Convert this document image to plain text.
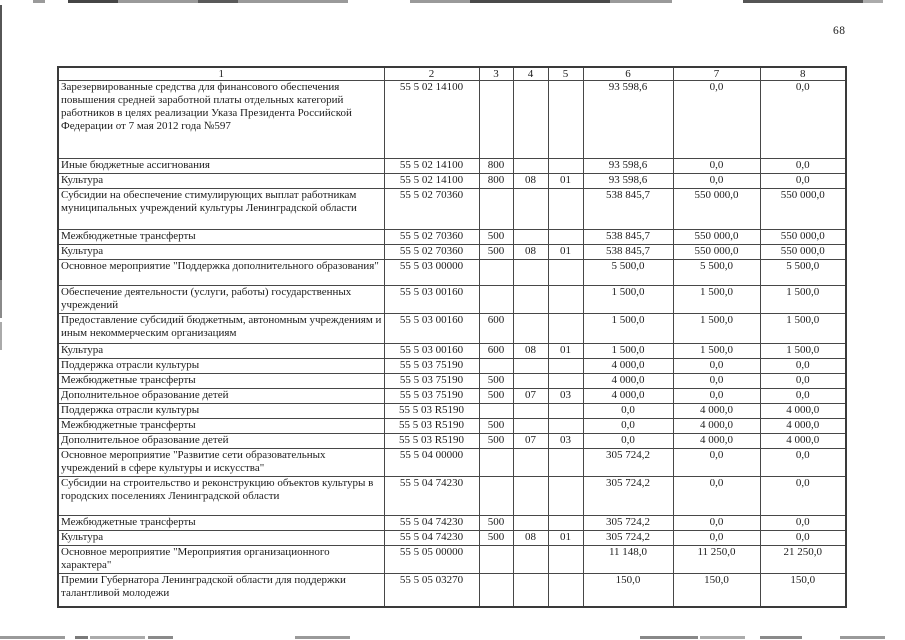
68
1	2	3	4	5	6	7	8
Зарезервированные средства для финансового обеспечения повышения средней заработной платы отдельных категорий работников в целях реализации Указа Президента Российской Федерации от 7 мая 2012 года №597	55 5 02 14100				93 598,6	0,0	0,0
Иные бюджетные ассигнования	55 5 02 14100	800			93 598,6	0,0	0,0
Культура	55 5 02 14100	800	08	01	93 598,6	0,0	0,0
Субсидии на обеспечение стимулирующих выплат работникам муниципальных учреждений культуры Ленинградской области	55 5 02 70360				538 845,7	550 000,0	550 000,0
Межбюджетные трансферты	55 5 02 70360	500			538 845,7	550 000,0	550 000,0
Культура	55 5 02 70360	500	08	01	538 845,7	550 000,0	550 000,0
Основное мероприятие "Поддержка дополнительного образования"	55 5 03 00000				5 500,0	5 500,0	5 500,0
Обеспечение деятельности (услуги, работы) государственных учреждений	55 5 03 00160				1 500,0	1 500,0	1 500,0
Предоставление субсидий бюджетным, автономным учреждениям и иным некоммерческим организациям	55 5 03 00160	600			1 500,0	1 500,0	1 500,0
Культура	55 5 03 00160	600	08	01	1 500,0	1 500,0	1 500,0
Поддержка отрасли культуры	55 5 03 75190				4 000,0	0,0	0,0
Межбюджетные трансферты	55 5 03 75190	500			4 000,0	0,0	0,0
Дополнительное образование детей	55 5 03 75190	500	07	03	4 000,0	0,0	0,0
Поддержка отрасли культуры	55 5 03 R5190				0,0	4 000,0	4 000,0
Межбюджетные трансферты	55 5 03 R5190	500			0,0	4 000,0	4 000,0
Дополнительное образование детей	55 5 03 R5190	500	07	03	0,0	4 000,0	4 000,0
Основное мероприятие "Развитие сети образовательных учреждений в сфере культуры и искусства"	55 5 04 00000				305 724,2	0,0	0,0
Субсидии на строительство и реконструкцию объектов культуры в городских поселениях Ленинградской области	55 5 04 74230				305 724,2	0,0	0,0
Межбюджетные трансферты	55 5 04 74230	500			305 724,2	0,0	0,0
Культура	55 5 04 74230	500	08	01	305 724,2	0,0	0,0
Основное мероприятие "Мероприятия организационного характера"	55 5 05 00000				11 148,0	11 250,0	21 250,0
Премии Губернатора Ленинградской области для поддержки талантливой молодежи	55 5 05 03270				150,0	150,0	150,0
